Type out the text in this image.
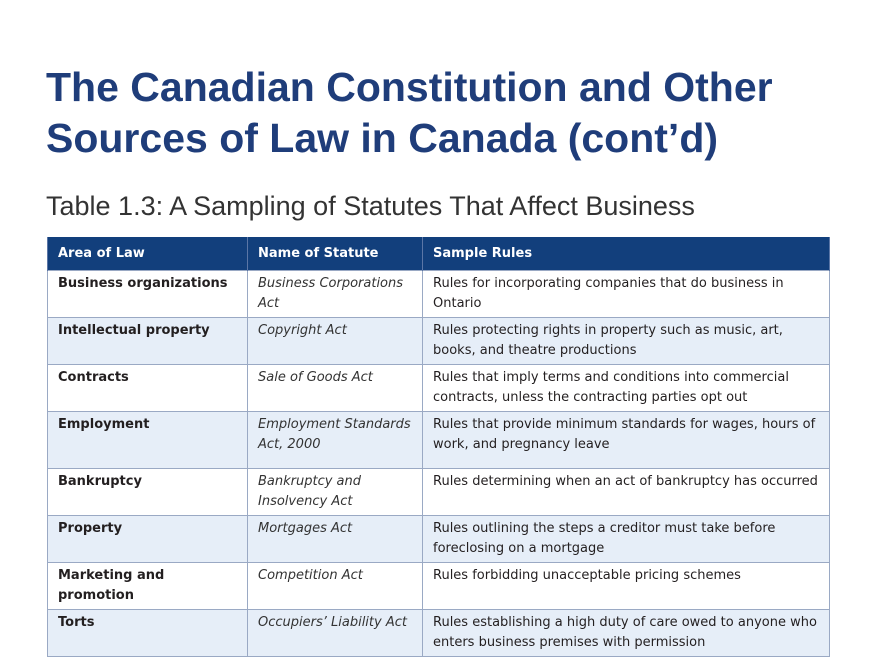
The Canadian Constitution and Other
Sources of Law in Canada (cont’d)

Table 1.3: A Sampling of Statutes That Affect Business

Area of Law	Name of Statute	Sample Rules
Business organizations	Business Corporations Act	Rules for incorporating companies that do business in Ontario
Intellectual property	Copyright Act	Rules protecting rights in property such as music, art, books, and theatre productions
Contracts	Sale of Goods Act	Rules that imply terms and conditions into commercial contracts, unless the contracting parties opt out
Employment	Employment Standards Act, 2000	Rules that provide minimum standards for wages, hours of work, and pregnancy leave
Bankruptcy	Bankruptcy and Insolvency Act	Rules determining when an act of bankruptcy has occurred
Property	Mortgages Act	Rules outlining the steps a creditor must take before foreclosing on a mortgage
Marketing and promotion	Competition Act	Rules forbidding unacceptable pricing schemes
Torts	Occupiers’ Liability Act	Rules establishing a high duty of care owed to anyone who enters business premises with permission
